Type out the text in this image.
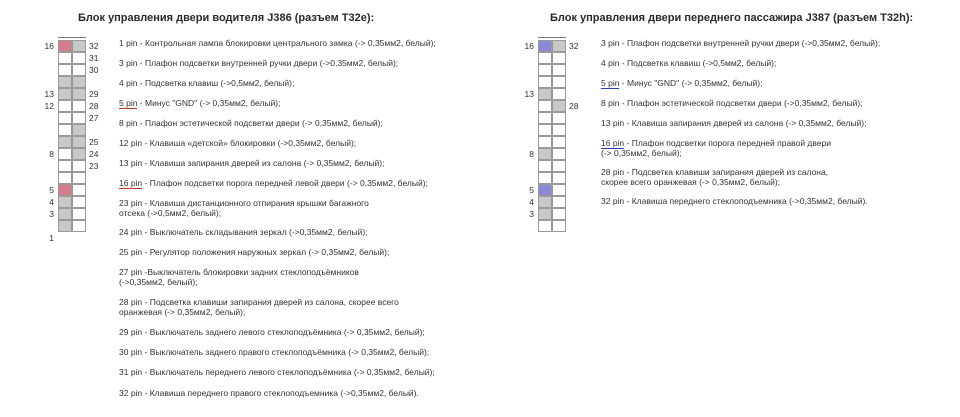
Блок управления двери водителя J386 (разъем T32e):	Блок управления двери переднего пассажира J387 (разъем T32h):
16
13
12
8
5
4
3
1
32
31
30
29
28
27
25
24
23
16
13
8
5
4
3
32
28
1 pin - Контрольная лампа блокировки центрального замка (-> 0,35мм2, белый);
3 pin - Плафон подсветки внутренней ручки двери (->0,35мм2, белый);
4 pin - Подсветка клавиш (->0,5мм2, белый);
5 pin - Минус "GND" (-> 0,35мм2, белый);
8 pin - Плафон эстетической подсветки двери (-> 0,35мм2, белый);
12 pin - Клавиша «детской» блокировки (->0,35мм2, белый);
13 pin - Клавиша запирания дверей из салона (-> 0,35мм2, белый);
16 pin - Плафон подсветки порога передней левой двери (-> 0,35мм2, белый);
23 pin - Клавиша дистанционного отпирания крышки багажного
отсека (->0,5мм2, белый);
24 pin - Выключатель складывания зеркал (->0,35мм2, белый);
25 pin - Регулятор положения наружных зеркал (-> 0,35мм2, белый);
27 pin -Выключатель блокировки задних стеклоподъёмников
(->0,35мм2, белый);
28 pin - Подсветка клавиши запирания дверей из салона, скорее всего
оранжевая (-> 0,35мм2, белый);
29 pin - Выключатель заднего левого стеклоподъёмника (-> 0,35мм2, белый);
30 pin - Выключатель заднего правого стеклоподъёмника (-> 0,35мм2, белый);
31 pin - Выключатель переднего левого стеклоподъёмника (-> 0,35мм2, белый);
32 pin - Клавиша переднего правого стеклоподъемника (->0,35мм2, белый).
3 pin - Плафон подсветки внутренней ручки двери (->0,35мм2, белый);
4 pin - Подсветка клавиш (->0,5мм2, белый);
5 pin - Минус "GND" (-> 0,35мм2, белый);
8 pin - Плафон эстетической подсветки двери (->0,35мм2, белый);
13 pin - Клавиша запирания дверей из салона (-> 0,35мм2, белый);
16 pin - Плафон подсветки порога передней правой двери
(-> 0,35мм2, белый);
28 pin - Подсветка клавиши запирания дверей из салона,
скорее всего оранжевая (-> 0,35мм2, белый);
32 pin - Клавиша переднего стеклоподъемника (->0,35мм2, белый).
